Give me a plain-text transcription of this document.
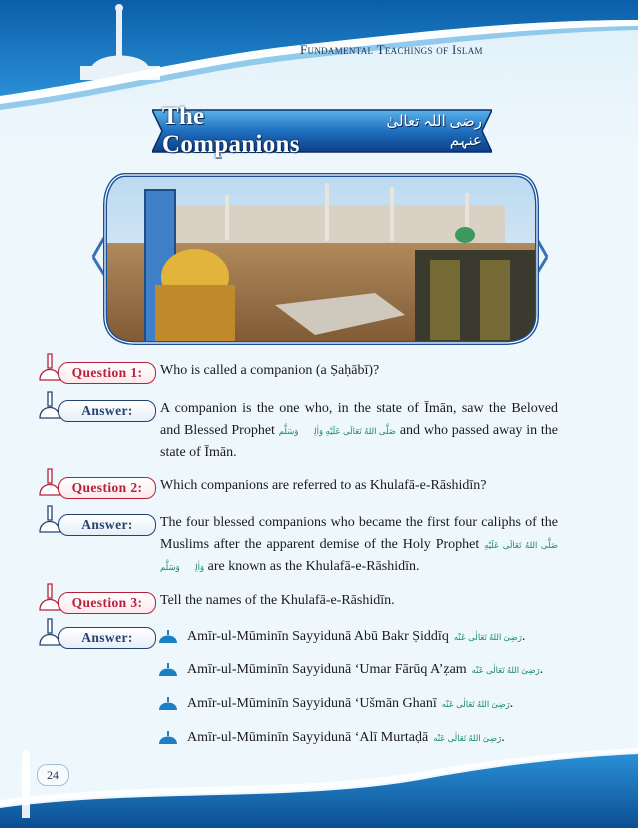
Fundamental Teachings of Islam
The Companions
رضی اللہ تعالیٰ عنہم
Question 1:	Who is called a companion (a Ṣaḥābī)?
Answer:	A companion is the one who, in the state of Īmān, saw the Beloved and Blessed Prophet صَلَّى اللهُ تَعَالَى عَلَيْهِ وَاٰلِهٖ وَسَلَّم and who passed away in the state of Īmān.
Question 2:	Which companions are referred to as Khulafā-e-Rāshidīn?
Answer:	The four blessed companions who became the first four caliphs of the Muslims after the apparent demise of the Holy Prophet صَلَّى اللهُ تَعَالَى عَلَيْهِ وَاٰلِهٖ وَسَلَّم are known as the Khulafā-e-Rāshidīn.
Question 3:	Tell the names of the Khulafā-e-Rāshidīn.
Answer:	Amīr-ul-Mūminīn Sayyidunā Abū Bakr Ṣiddīq رَضِیَ اللهُ تَعَالٰی عَنْه .
Amīr-ul-Mūminīn Sayyidunā ‘Umar Fārūq A’ẓam رَضِیَ اللهُ تَعَالٰی عَنْه .
Amīr-ul-Mūminīn Sayyidunā ‘Ušmān Ghanī رَضِیَ اللهُ تَعَالٰی عَنْه .
Amīr-ul-Mūminīn Sayyidunā ‘Alī Murtaḍā رَضِیَ اللهُ تَعَالٰی عَنْه .
24
